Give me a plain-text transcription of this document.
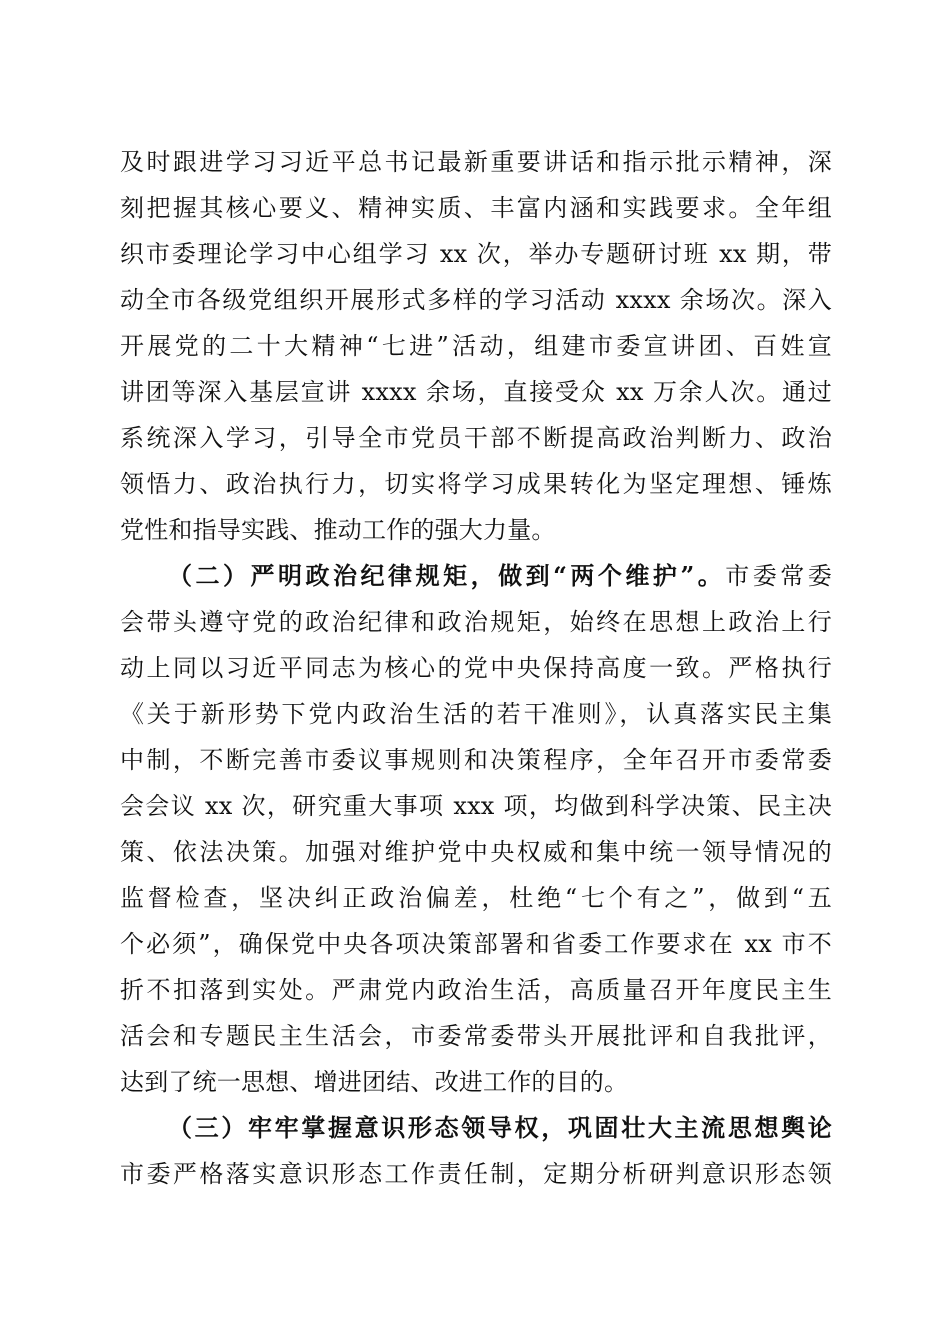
及时跟进学习习近平总书记最新重要讲话和指示批示精神，深
刻把握其核心要义、精神实质、丰富内涵和实践要求。全年组
织市委理论学习中心组学习 xx 次，举办专题研讨班 xx 期，带
动全市各级党组织开展形式多样的学习活动 xxxx 余场次。深入
开展党的二十大精神“七进”活动，组建市委宣讲团、百姓宣
讲团等深入基层宣讲 xxxx 余场，直接受众 xx 万余人次。通过
系统深入学习，引导全市党员干部不断提高政治判断力、政治
领悟力、政治执行力，切实将学习成果转化为坚定理想、锤炼
党性和指导实践、推动工作的强大力量。
（二）严明政治纪律规矩，做到“两个维护”。市委常委
会带头遵守党的政治纪律和政治规矩，始终在思想上政治上行
动上同以习近平同志为核心的党中央保持高度一致。严格执行
《关于新形势下党内政治生活的若干准则》，认真落实民主集
中制，不断完善市委议事规则和决策程序，全年召开市委常委
会会议 xx 次，研究重大事项 xxx 项，均做到科学决策、民主决
策、依法决策。加强对维护党中央权威和集中统一领导情况的
监督检查，坚决纠正政治偏差，杜绝“七个有之”，做到“五
个必须”，确保党中央各项决策部署和省委工作要求在 xx 市不
折不扣落到实处。严肃党内政治生活，高质量召开年度民主生
活会和专题民主生活会，市委常委带头开展批评和自我批评，
达到了统一思想、增进团结、改进工作的目的。
（三）牢牢掌握意识形态领导权，巩固壮大主流思想舆论
市委严格落实意识形态工作责任制，定期分析研判意识形态领
